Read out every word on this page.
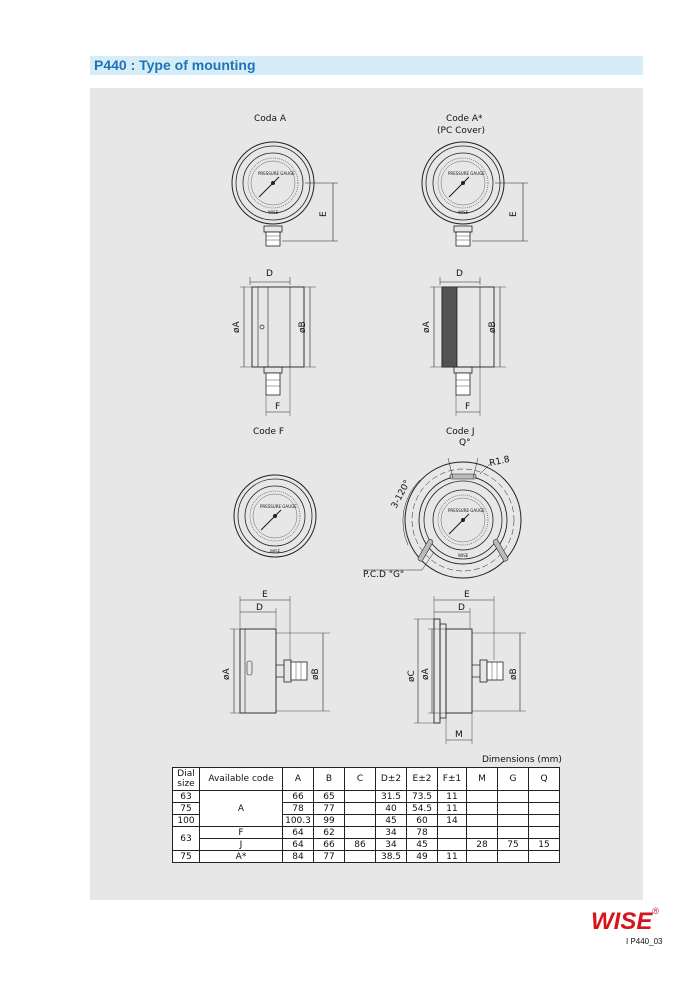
P440 : Type of mounting
Coda A	Code A*
(PC Cover)
Code F	Code J
PRESSURE GAUGE	PRESSURE GAUGE
PRESSURE GAUGE
PRESSURE GAUGE
WISE	WISE
WISE
WISE
E	E
D	D
øA	øB	øA	øB
F	F
Q°
R1.8
3-120°
P.C.D "G"
E
D
øA	øB
E
D
øC øA	øB
M
Dimensions (mm)
Dial
size	Available code	A	B	C	D±2	E±2	F±1	M	G	Q
63	A	66	65		31.5	73.5	11			
75		78	77		40	54.5	11			
100		100.3	99		45	60	14			
63	F	64	62		34	78				
	J	64	66	86	34	45		28	75	15
75	A*	84	77		38.5	49	11			
WISE®
I P440_03
